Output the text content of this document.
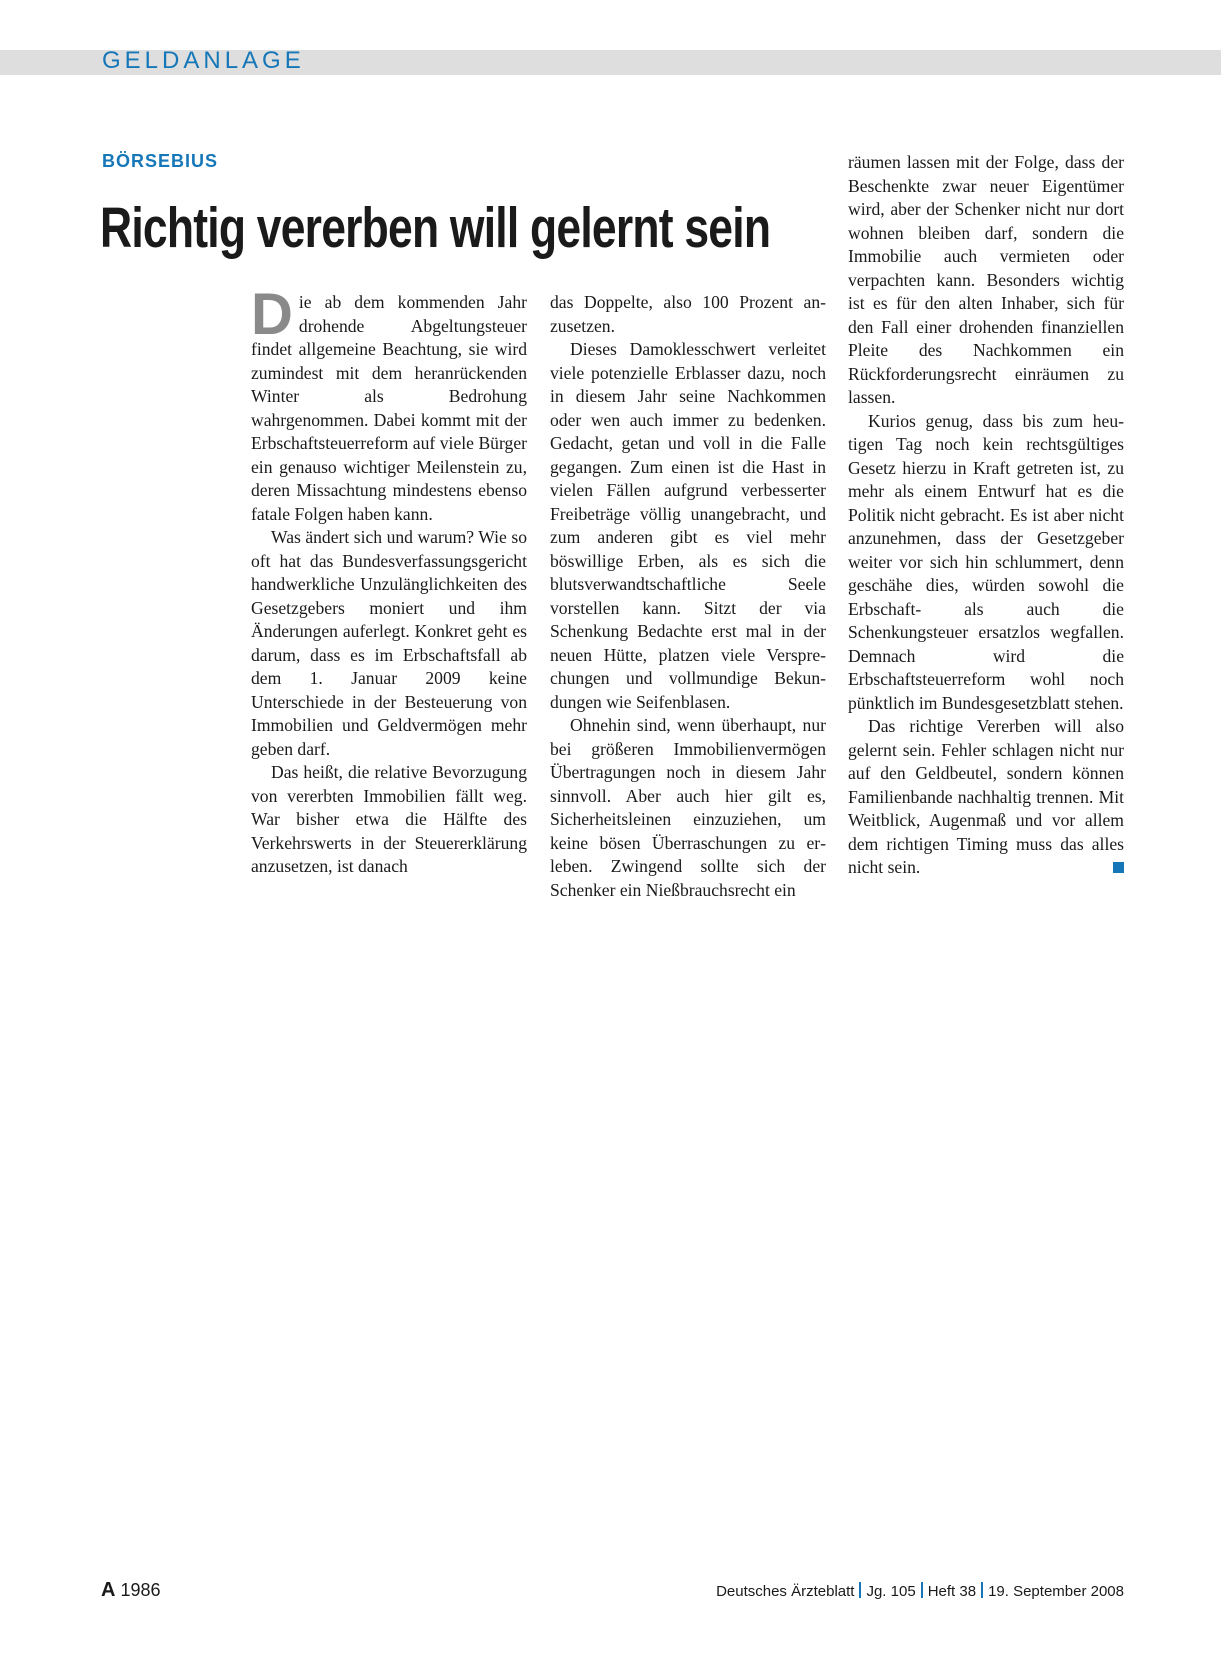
GELDANLAGE
BÖRSEBIUS
Richtig vererben will gelernt sein

Die ab dem kommenden Jahr drohende Abgeltungsteuer findet allgemeine Beachtung, sie wird zumindest mit dem heranrückenden Winter als Bedrohung wahrgenommen. Dabei kommt mit der Erbschaftsteuerreform auf viele Bürger ein genauso wichtiger Meilenstein zu, deren Missachtung mindestens ebenso fatale Folgen haben kann.

Was ändert sich und warum? Wie so oft hat das Bundesverfassungsgericht handwerkliche Unzulänglichkeiten des Gesetzgebers moniert und ihm Änderungen auferlegt. Konkret geht es darum, dass es im Erbschaftsfall ab dem 1. Januar 2009 keine Unterschiede in der Besteuerung von Immobilien und Geldvermögen mehr geben darf.

Das heißt, die relative Bevorzugung von vererbten Immobilien fällt weg. War bisher etwa die Hälfte des Verkehrswerts in der Steuererklärung anzusetzen, ist danach

das Doppelte, also 100 Prozent anzusetzen.

Dieses Damoklesschwert verleitet viele potenzielle Erblasser dazu, noch in diesem Jahr seine Nachkommen oder wen auch immer zu bedenken. Gedacht, getan und voll in die Falle gegangen. Zum einen ist die Hast in vielen Fällen aufgrund verbesserter Freibeträge völlig unangebracht, und zum anderen gibt es viel mehr böswillige Erben, als es sich die blutsverwandtschaftliche Seele vorstellen kann. Sitzt der via Schenkung Bedachte erst mal in der neuen Hütte, platzen viele Versprechungen und vollmundige Bekundungen wie Seifenblasen.

Ohnehin sind, wenn überhaupt, nur bei größeren Immobilienvermögen Übertragungen noch in diesem Jahr sinnvoll. Aber auch hier gilt es, Sicherheitsleinen einzuziehen, um keine bösen Überraschungen zu erleben. Zwingend sollte sich der Schenker ein Nießbrauchsrecht ein

räumen lassen mit der Folge, dass der Beschenkte zwar neuer Eigentümer wird, aber der Schenker nicht nur dort wohnen bleiben darf, sondern die Immobilie auch vermieten oder verpachten kann. Besonders wichtig ist es für den alten Inhaber, sich für den Fall einer drohenden finanziellen Pleite des Nachkommen ein Rückforderungsrecht einräumen zu lassen.

Kurios genug, dass bis zum heutigen Tag noch kein rechtsgültiges Gesetz hierzu in Kraft getreten ist, zu mehr als einem Entwurf hat es die Politik nicht gebracht. Es ist aber nicht anzunehmen, dass der Gesetzgeber weiter vor sich hin schlummert, denn geschähe dies, würden sowohl die Erbschaft- als auch die Schenkungsteuer ersatzlos wegfallen. Demnach wird die Erbschaftsteuerreform wohl noch pünktlich im Bundesgesetzblatt stehen.

Das richtige Vererben will also gelernt sein. Fehler schlagen nicht nur auf den Geldbeutel, sondern können Familienbande nachhaltig trennen. Mit Weitblick, Augenmaß und vor allem dem richtigen Timing muss das alles nicht sein.

A 1986	Deutsches Ärzteblatt Jg. 105 Heft 38 19. September 2008
